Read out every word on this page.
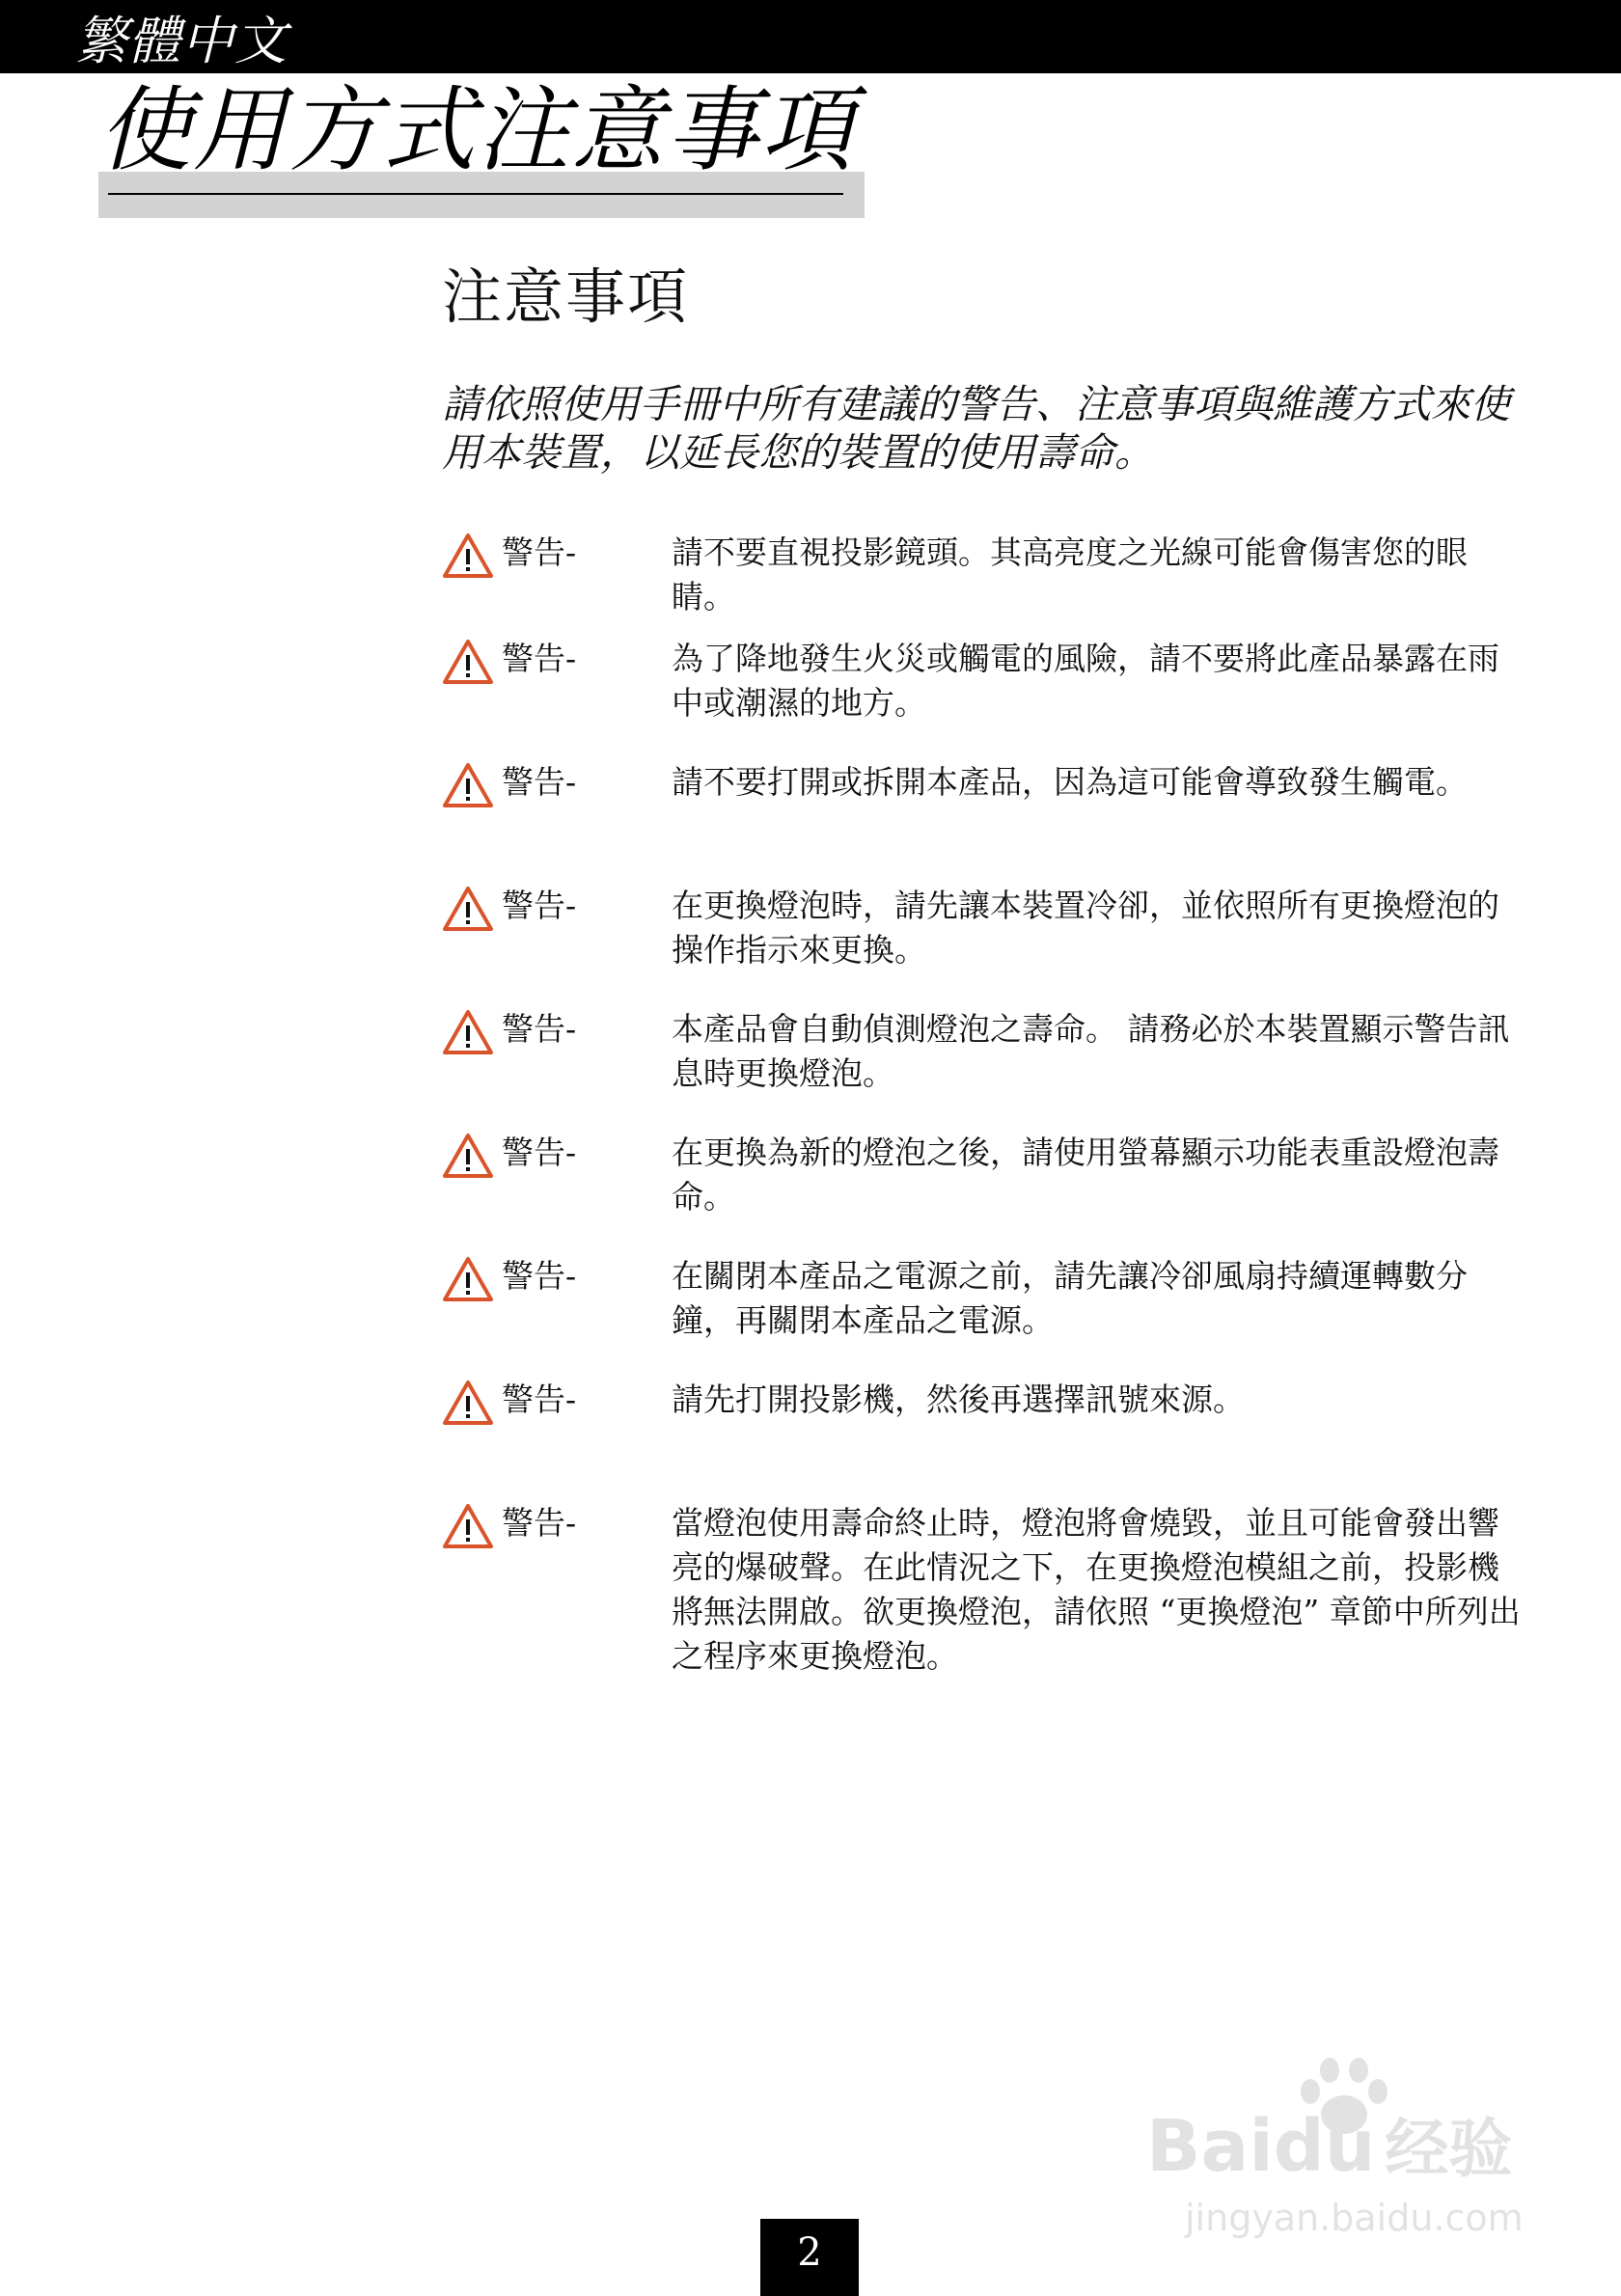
繁體中文
使用方式注意事項
注意事項
請依照使用手冊中所有建議的警告、注意事項與維護方式來使用本裝置，以延長您的裝置的使用壽命。
警告-	請不要直視投影鏡頭。其高亮度之光線可能會傷害您的眼睛。
警告-	為了降地發生火災或觸電的風險，請不要將此產品暴露在雨中或潮濕的地方。
警告-	請不要打開或拆開本產品，因為這可能會導致發生觸電。
警告-	在更換燈泡時，請先讓本裝置冷卻，並依照所有更換燈泡的操作指示來更換。
警告-	本產品會自動偵測燈泡之壽命。 請務必於本裝置顯示警告訊息時更換燈泡。
警告-	在更換為新的燈泡之後，請使用螢幕顯示功能表重設燈泡壽命。
警告-	在關閉本產品之電源之前，請先讓冷卻風扇持續運轉數分鐘，再關閉本產品之電源。
警告-	請先打開投影機，然後再選擇訊號來源。
警告-	當燈泡使用壽命終止時，燈泡將會燒毀，並且可能會發出響亮的爆破聲。在此情況之下，在更換燈泡模組之前，投影機將無法開啟。欲更換燈泡，請依照 “更換燈泡” 章節中所列出之程序來更換燈泡。
Baidu 经验
jingyan.baidu.com
2
